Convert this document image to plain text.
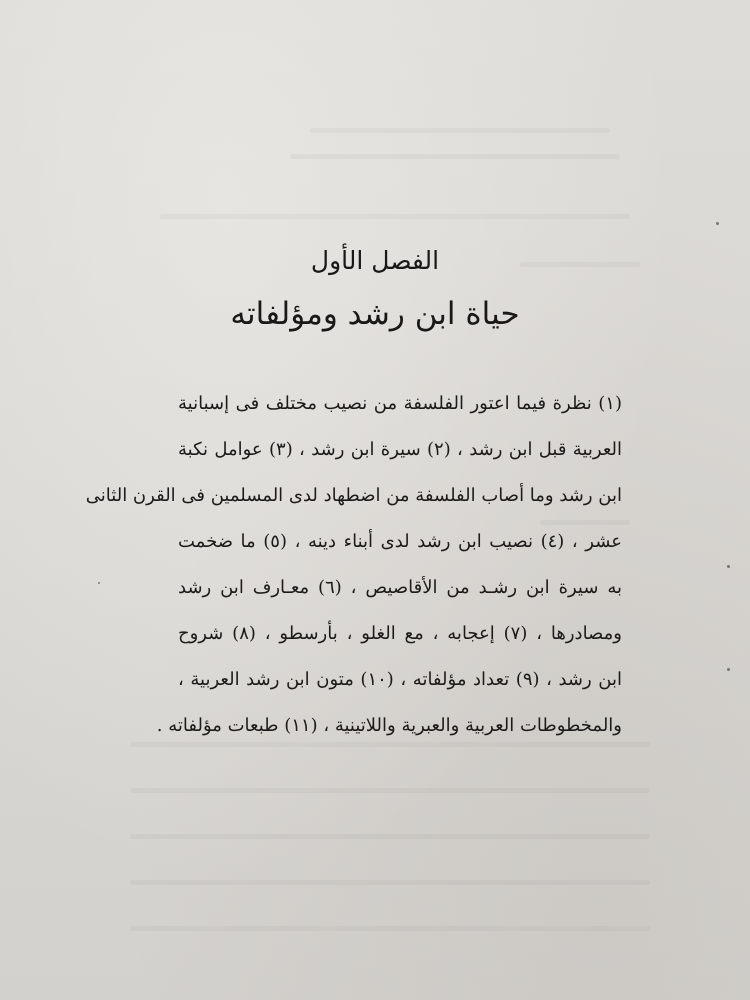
الفصل الأول
حياة ابن رشد ومؤلفاته
(١) نظرة فيما اعتور الفلسفة من نصيب مختلف فى إسبانية
العربية قبل ابن رشد ، (٢) سيرة ابن رشد ، (٣) عوامل نكبة
ابن رشد وما أصاب الفلسفة من اضطهاد لدى المسلمين فى القرن الثانى
عشر ، (٤) نصيب ابن رشد لدى أبناء دينه ، (٥) ما ضخمت
به سيرة ابن رشـد من الأقاصيص ، (٦) معـارف ابن رشد
ومصادرها ، (٧) إعجابه ، مع الغلو ، بأرسطو ، (٨) شروح
ابن رشد ، (٩) تعداد مؤلفاته ، (١٠) متون ابن رشد العربية ،
والمخطوطات العربية والعبرية واللاتينية ، (١١) طبعات مؤلفاته .
